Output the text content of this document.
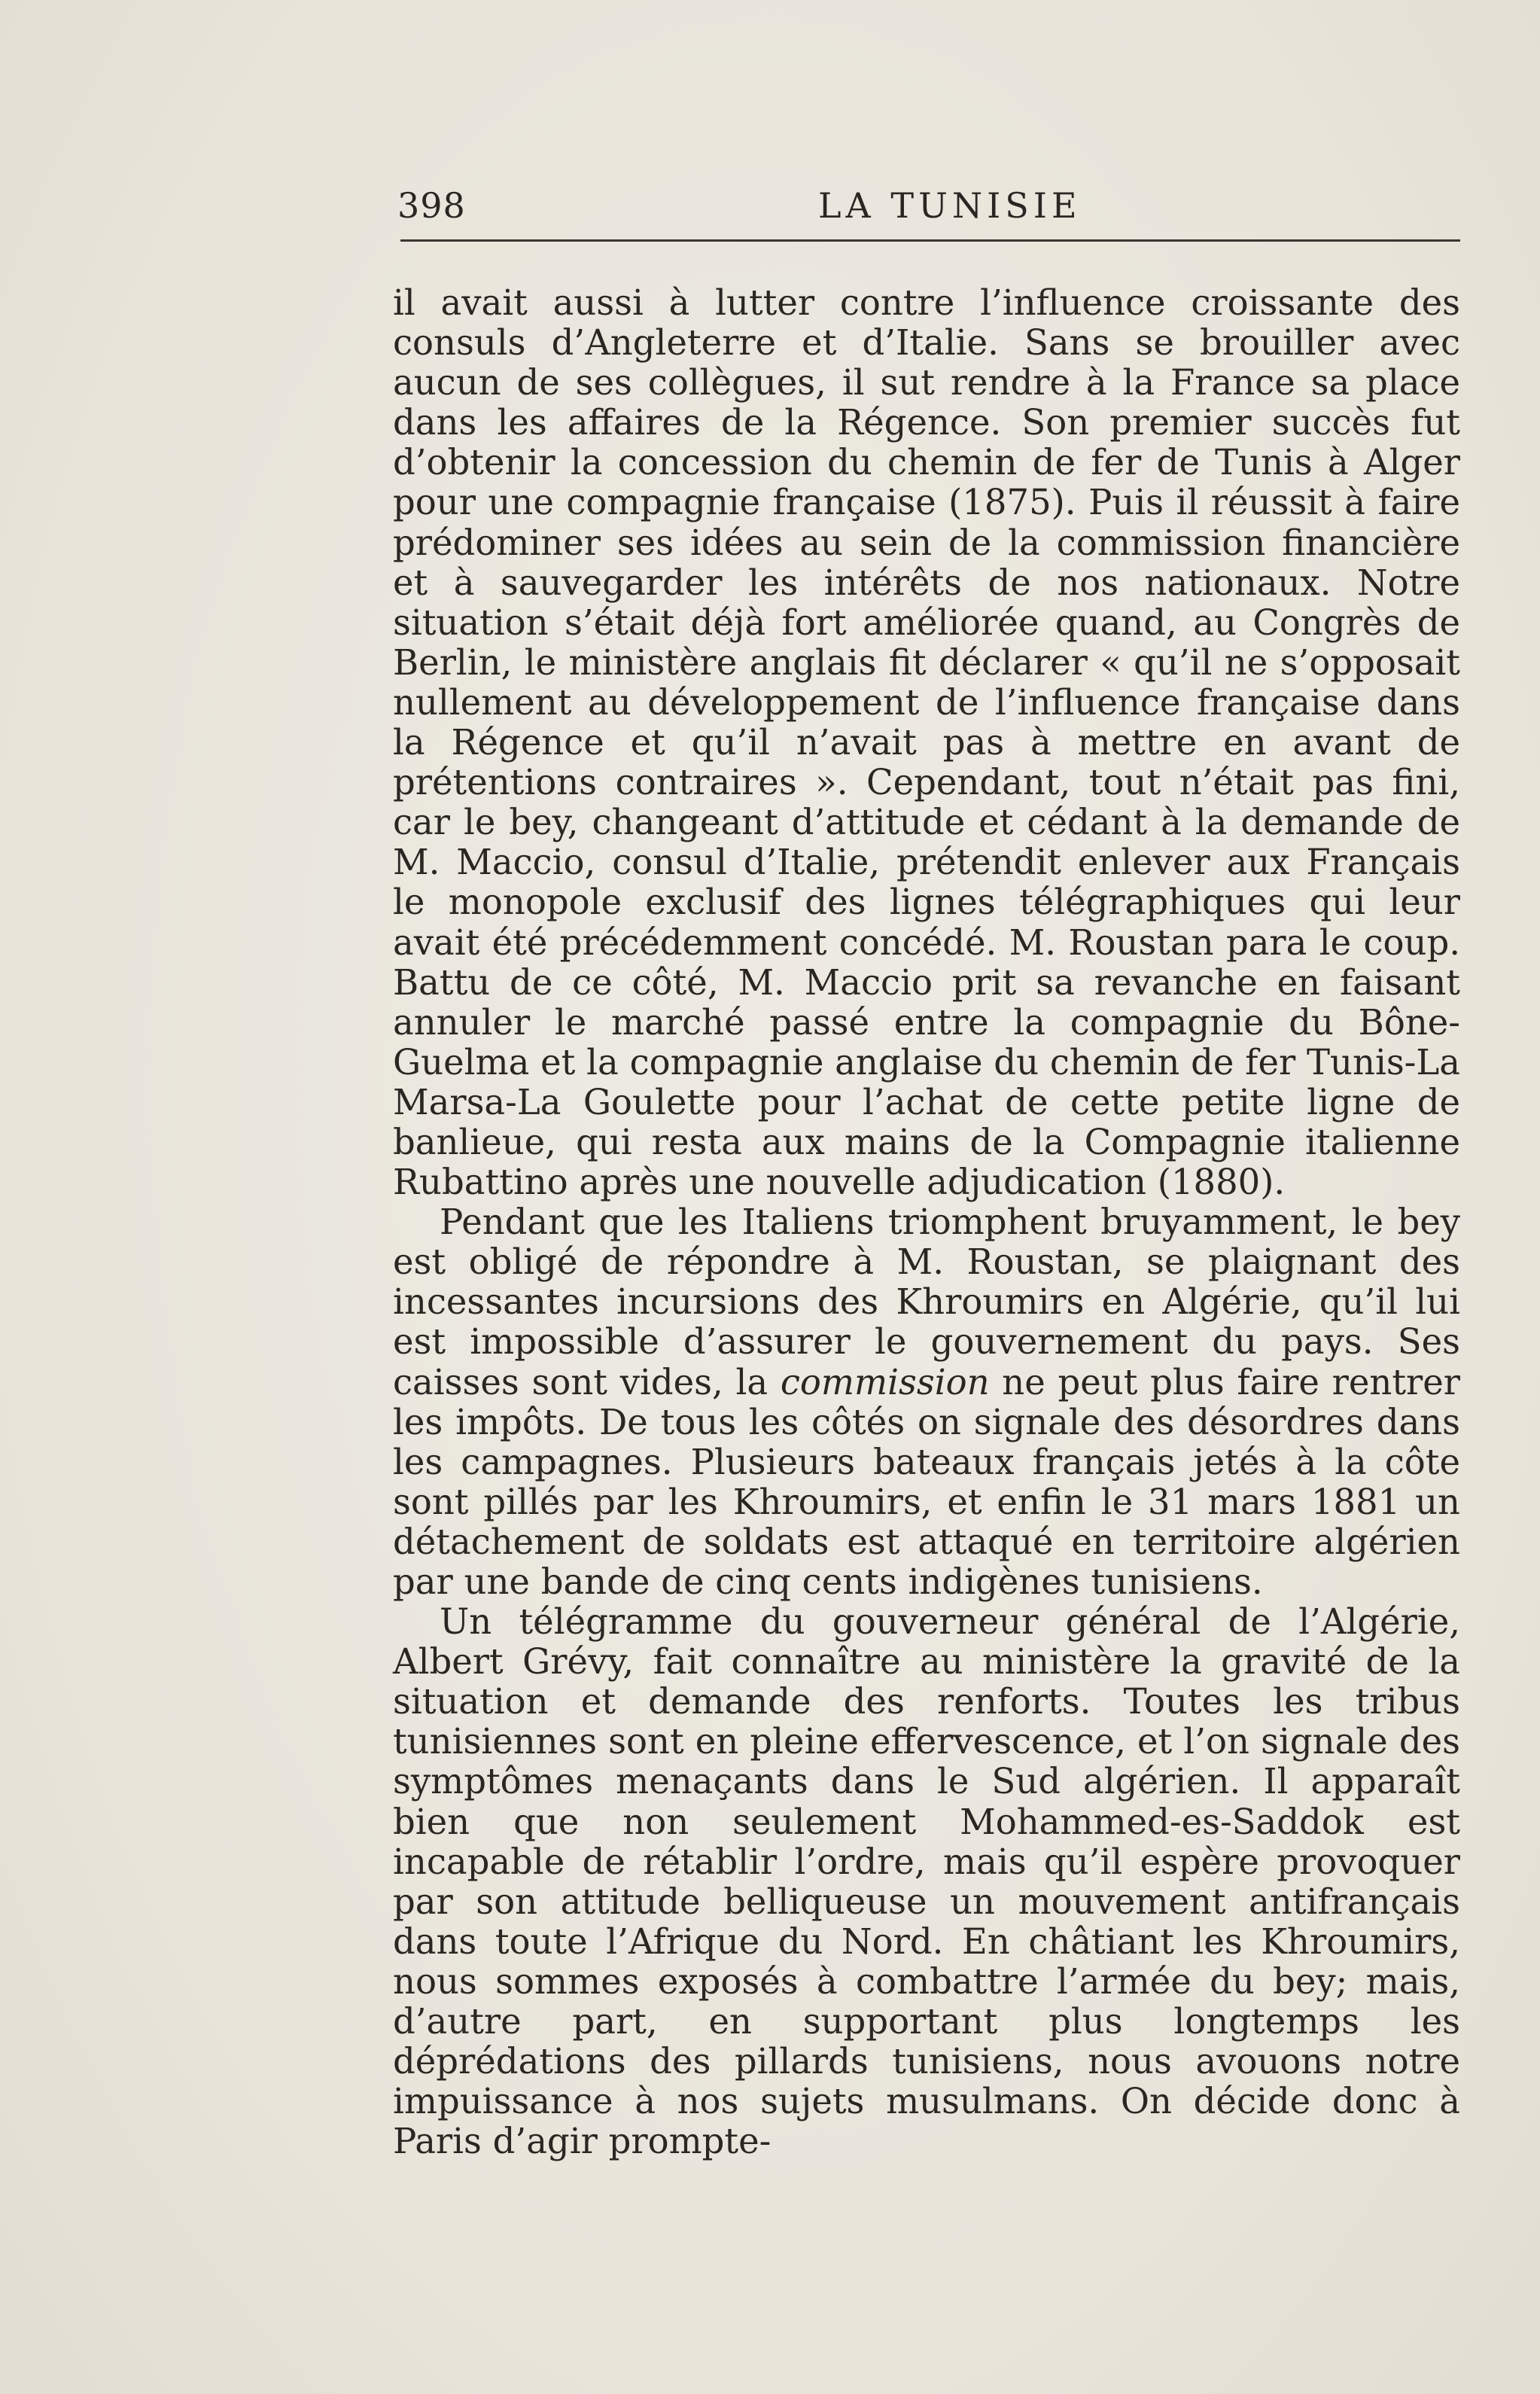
398	LA TUNISIE

il avait aussi à lutter contre l’influence croissante des consuls d’Angleterre et d’Italie. Sans se brouiller avec aucun de ses collègues, il sut rendre à la France sa place dans les affaires de la Régence. Son premier succès fut d’obtenir la concession du chemin de fer de Tunis à Alger pour une compagnie française (1875). Puis il réussit à faire prédominer ses idées au sein de la commission financière et à sauvegarder les intérêts de nos nationaux. Notre situation s’était déjà fort améliorée quand, au Congrès de Berlin, le ministère anglais fit déclarer « qu’il ne s’opposait nullement au développement de l’influence française dans la Régence et qu’il n’avait pas à mettre en avant de prétentions contraires ». Cependant, tout n’était pas fini, car le bey, changeant d’attitude et cédant à la demande de M. Maccio, consul d’Italie, prétendit enlever aux Français le monopole exclusif des lignes télégraphiques qui leur avait été précédemment concédé. M. Roustan para le coup. Battu de ce côté, M. Maccio prit sa revanche en faisant annuler le marché passé entre la compagnie du Bône-Guelma et la compagnie anglaise du chemin de fer Tunis-La Marsa-La Goulette pour l’achat de cette petite ligne de banlieue, qui resta aux mains de la Compagnie italienne Rubattino après une nouvelle adjudication (1880).

Pendant que les Italiens triomphent bruyamment, le bey est obligé de répondre à M. Roustan, se plaignant des incessantes incursions des Khroumirs en Algérie, qu’il lui est impossible d’assurer le gouvernement du pays. Ses caisses sont vides, la commission ne peut plus faire rentrer les impôts. De tous les côtés on signale des désordres dans les campagnes. Plusieurs bateaux français jetés à la côte sont pillés par les Khroumirs, et enfin le 31 mars 1881 un détachement de soldats est attaqué en territoire algérien par une bande de cinq cents indigènes tunisiens.

Un télégramme du gouverneur général de l’Algérie, Albert Grévy, fait connaître au ministère la gravité de la situation et demande des renforts. Toutes les tribus tunisiennes sont en pleine effervescence, et l’on signale des symptômes menaçants dans le Sud algérien. Il apparaît bien que non seulement Mohammed-es-Saddok est incapable de rétablir l’ordre, mais qu’il espère provoquer par son attitude belliqueuse un mouvement antifrançais dans toute l’Afrique du Nord. En châtiant les Khroumirs, nous sommes exposés à combattre l’armée du bey; mais, d’autre part, en supportant plus longtemps les déprédations des pillards tunisiens, nous avouons notre impuissance à nos sujets musulmans. On décide donc à Paris d’agir prompte-
